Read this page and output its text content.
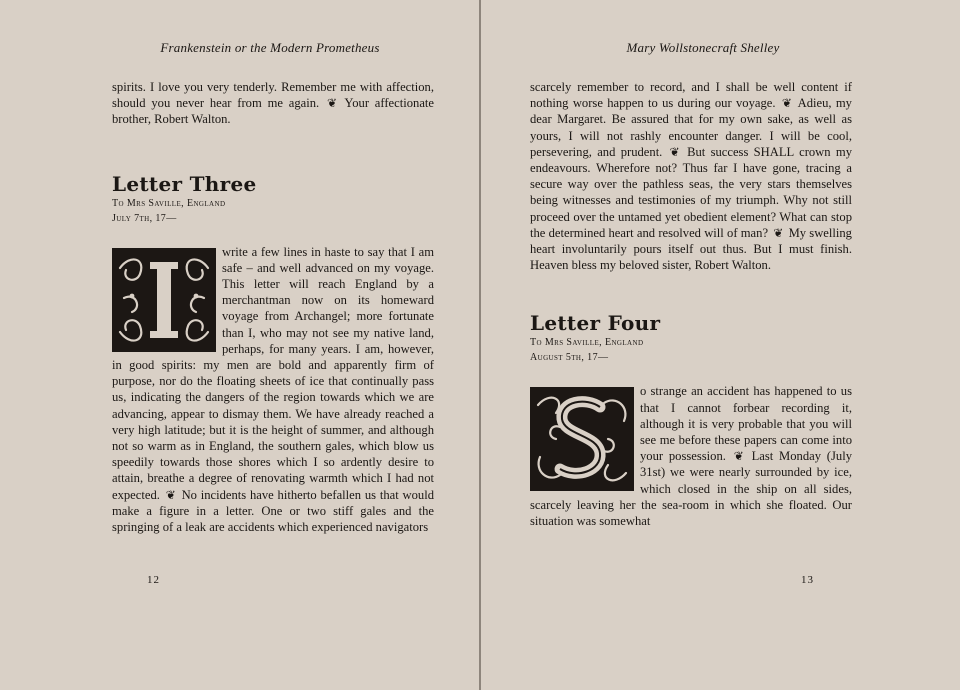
Frankenstein or the Modern Prometheus

spirits. I love you very tenderly. Remember me with affection, should you never hear from me again. ❦ Your affectionate brother, Robert Walton.

Letter Three
To Mrs Saville, England
July 7th, 17—

write a few lines in haste to say that I am safe – and well advanced on my voyage. This letter will reach England by a merchantman now on its homeward voyage from Archangel; more fortunate than I, who may not see my native land, perhaps, for many years. I am, however, in good spirits: my men are bold and apparently firm of purpose, nor do the floating sheets of ice that continually pass us, indicating the dangers of the region towards which we are advancing, appear to dismay them. We have already reached a very high latitude; but it is the height of summer, and although not so warm as in England, the southern gales, which blow us speedily towards those shores which I so ardently desire to attain, breathe a degree of renovating warmth which I had not expected. ❦ No incidents have hitherto befallen us that would make a figure in a letter. One or two stiff gales and the springing of a leak are accidents which experienced navigators

12
Mary Wollstonecraft Shelley

scarcely remember to record, and I shall be well content if nothing worse happen to us during our voyage. ❦ Adieu, my dear Margaret. Be assured that for my own sake, as well as yours, I will not rashly encounter danger. I will be cool, persevering, and prudent. ❦ But success SHALL crown my endeavours. Wherefore not? Thus far I have gone, tracing a secure way over the pathless seas, the very stars themselves being witnesses and testimonies of my triumph. Why not still proceed over the untamed yet obedient element? What can stop the determined heart and resolved will of man? ❦ My swelling heart involuntarily pours itself out thus. But I must finish. Heaven bless my beloved sister, Robert Walton.

Letter Four
To Mrs Saville, England
August 5th, 17—

o strange an accident has happened to us that I cannot forbear recording it, although it is very probable that you will see me before these papers can come into your possession. ❦ Last Monday (July 31st) we were nearly surrounded by ice, which closed in the ship on all sides, scarcely leaving her the sea-room in which she floated. Our situation was somewhat

13
